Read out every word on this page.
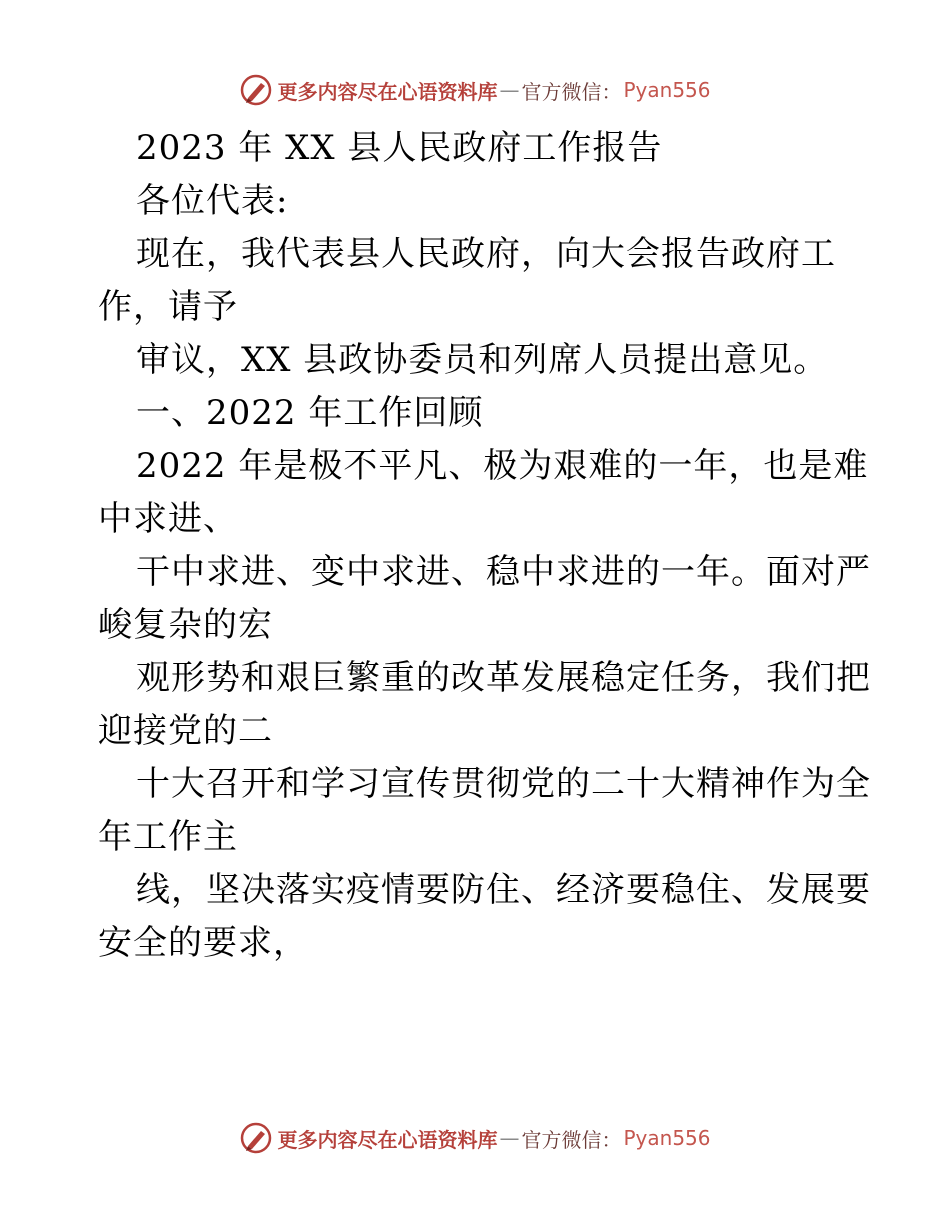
更多内容尽在心语资料库 — 官方微信： Pyan556
2023 年 XX 县人民政府工作报告
各位代表:
现在，我代表县人民政府，向大会报告政府工
作，请予
审议，XX 县政协委员和列席人员提出意见。
一、2022 年工作回顾
2022 年是极不平凡、极为艰难的一年，也是难
中求进、
干中求进、变中求进、稳中求进的一年。面对严
峻复杂的宏
观形势和艰巨繁重的改革发展稳定任务，我们把
迎接党的二
十大召开和学习宣传贯彻党的二十大精神作为全
年工作主
线，坚决落实疫情要防住、经济要稳住、发展要
安全的要求，
更多内容尽在心语资料库 — 官方微信： Pyan556
